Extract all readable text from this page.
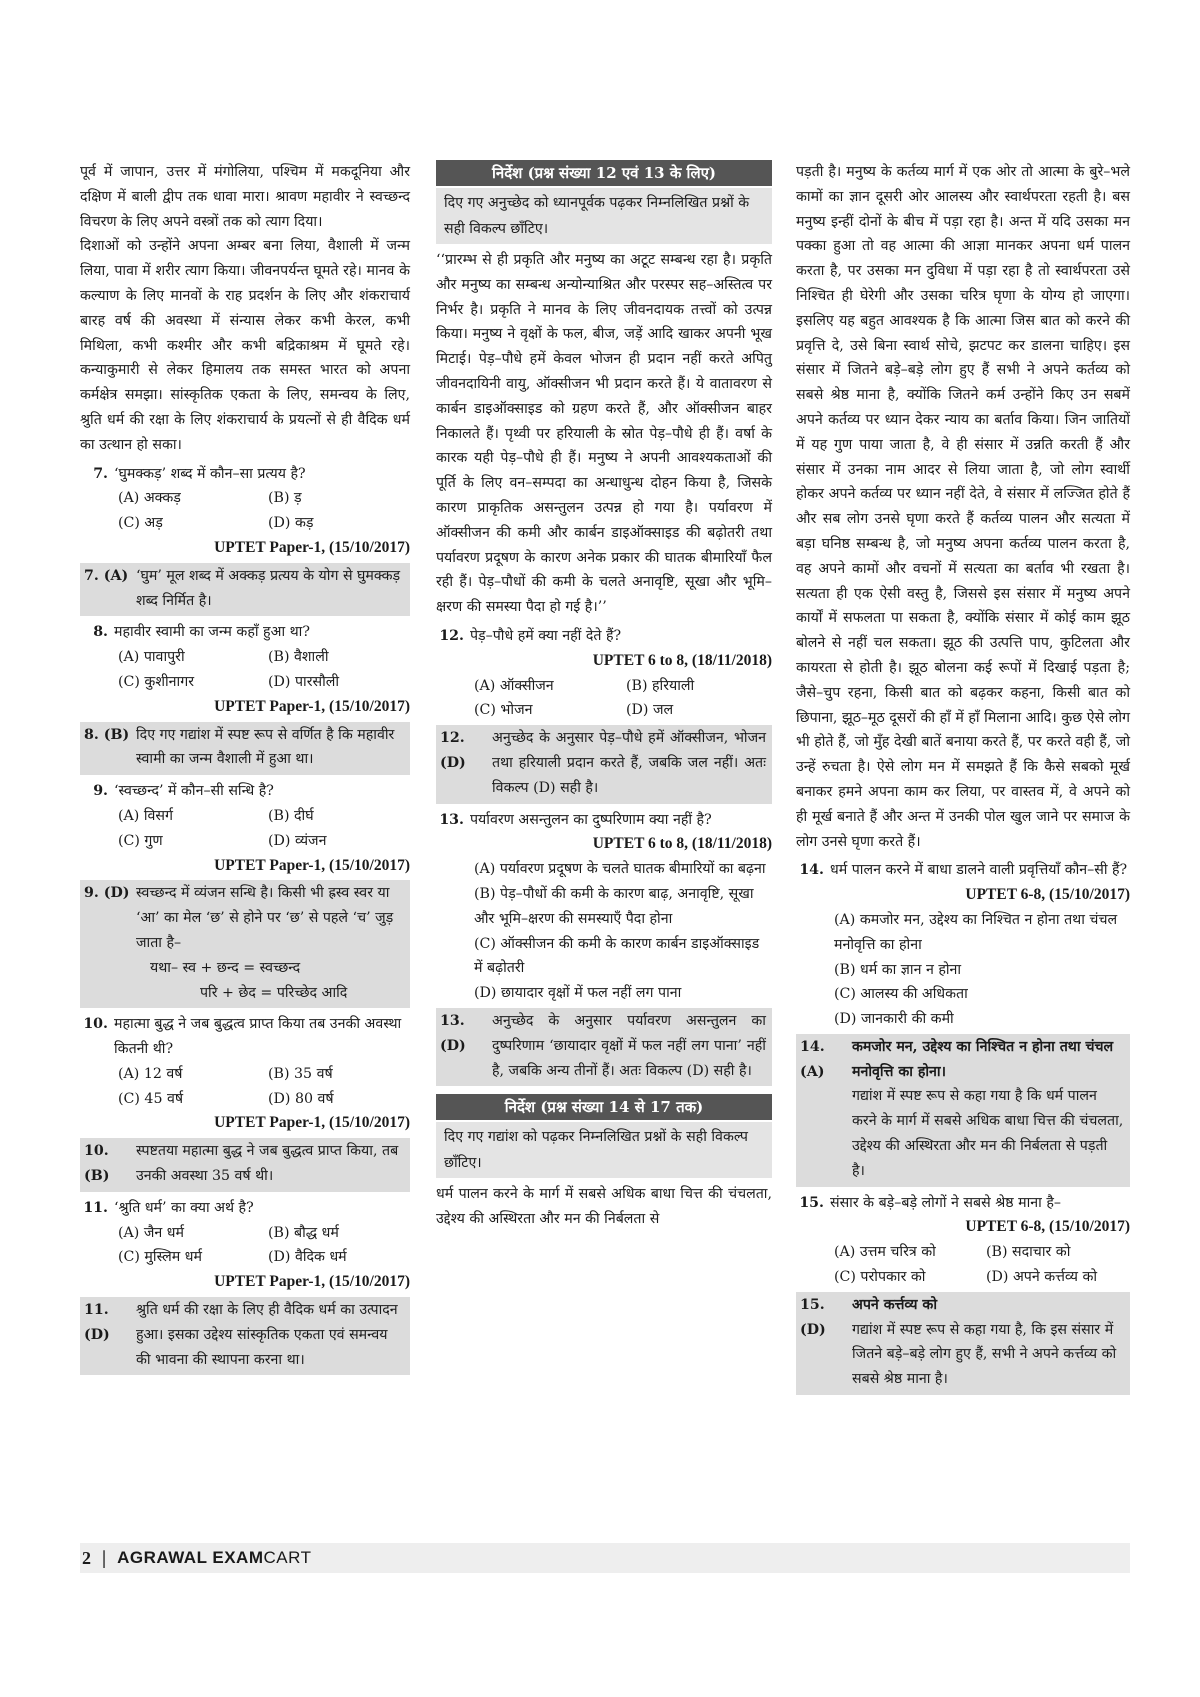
पूर्व में जापान, उत्तर में मंगोलिया, पश्चिम में मकदूनिया और दक्षिण में बाली द्वीप तक धावा मारा। श्रावण महावीर ने स्वच्छन्द विचरण के लिए अपने वस्त्रों तक को त्याग दिया।

दिशाओं को उन्होंने अपना अम्बर बना लिया, वैशाली में जन्म लिया, पावा में शरीर त्याग किया। जीवनपर्यन्त घूमते रहे। मानव के कल्याण के लिए मानवों के राह प्रदर्शन के लिए और शंकराचार्य बारह वर्ष की अवस्था में संन्यास लेकर कभी केरल, कभी मिथिला, कभी कश्मीर और कभी बद्रिकाश्रम में घूमते रहे। कन्याकुमारी से लेकर हिमालय तक समस्त भारत को अपना कर्मक्षेत्र समझा। सांस्कृतिक एकता के लिए, समन्वय के लिए, श्रुति धर्म की रक्षा के लिए शंकराचार्य के प्रयत्नों से ही वैदिक धर्म का उत्थान हो सका।

7. ‘घुमक्कड़’ शब्द में कौन–सा प्रत्यय है?
(A) अक्कड़	(B) ड़
(C) अड़	(D) कड़
UPTET Paper-1, (15/10/2017)
7. (A) ‘घुम’ मूल शब्द में अक्कड़ प्रत्यय के योग से घुमक्कड़ शब्द निर्मित है।
8. महावीर स्वामी का जन्म कहाँ हुआ था?
(A) पावापुरी	(B) वैशाली
(C) कुशीनागर	(D) पारसौली
UPTET Paper-1, (15/10/2017)
8. (B) दिए गए गद्यांश में स्पष्ट रूप से वर्णित है कि महावीर स्वामी का जन्म वैशाली में हुआ था।
9. ‘स्वच्छन्द’ में कौन–सी सन्धि है?
(A) विसर्ग	(B) दीर्घ
(C) गुण	(D) व्यंजन
UPTET Paper-1, (15/10/2017)
9. (D) स्वच्छन्द में व्यंजन सन्धि है। किसी भी ह्रस्व स्वर या ‘आ’ का मेल ‘छ’ से होने पर ‘छ’ से पहले ‘च’ जुड़ जाता है–
यथा– स्व + छन्द = स्वच्छन्द
परि + छेद = परिच्छेद आदि
10. महात्मा बुद्ध ने जब बुद्धत्व प्राप्त किया तब उनकी अवस्था कितनी थी?
(A) 12 वर्ष	(B) 35 वर्ष
(C) 45 वर्ष	(D) 80 वर्ष
UPTET Paper-1, (15/10/2017)
10. (B)
स्पष्टतया महात्मा बुद्ध ने जब बुद्धत्व प्राप्त किया, तब उनकी अवस्था 35 वर्ष थी।
11. ‘श्रुति धर्म’ का क्या अर्थ है?
(A) जैन धर्म	(B) बौद्ध धर्म
(C) मुस्लिम धर्म	(D) वैदिक धर्म
UPTET Paper-1, (15/10/2017)
11. (D)
श्रुति धर्म की रक्षा के लिए ही वैदिक धर्म का उत्पादन हुआ। इसका उद्देश्य सांस्कृतिक एकता एवं समन्वय की भावना की स्थापना करना था।
निर्देश (प्रश्न संख्या 12 एवं 13 के लिए)
दिए गए अनुच्छेद को ध्यानपूर्वक पढ़कर निम्नलिखित प्रश्नों के सही विकल्प छाँटिए।

‘‘प्रारम्भ से ही प्रकृति और मनुष्य का अटूट सम्बन्ध रहा है। प्रकृति और मनुष्य का सम्बन्ध अन्योन्याश्रित और परस्पर सह–अस्तित्व पर निर्भर है। प्रकृति ने मानव के लिए जीवनदायक तत्त्वों को उत्पन्न किया। मनुष्य ने वृक्षों के फल, बीज, जड़ें आदि खाकर अपनी भूख मिटाई। पेड़–पौधे हमें केवल भोजन ही प्रदान नहीं करते अपितु जीवनदायिनी वायु, ऑक्सीजन भी प्रदान करते हैं। ये वातावरण से कार्बन डाइऑक्साइड को ग्रहण करते हैं, और ऑक्सीजन बाहर निकालते हैं। पृथ्वी पर हरियाली के स्रोत पेड़–पौधे ही हैं। वर्षा के कारक यही पेड़–पौधे ही हैं। मनुष्य ने अपनी आवश्यकताओं की पूर्ति के लिए वन–सम्पदा का अन्धाधुन्ध दोहन किया है, जिसके कारण प्राकृतिक असन्तुलन उत्पन्न हो गया है। पर्यावरण में ऑक्सीजन की कमी और कार्बन डाइऑक्साइड की बढ़ोतरी तथा पर्यावरण प्रदूषण के कारण अनेक प्रकार की घातक बीमारियाँ फैल रही हैं। पेड़–पौधों की कमी के चलते अनावृष्टि, सूखा और भूमि–क्षरण की समस्या पैदा हो गई है।’’

12. पेड़–पौधे हमें क्या नहीं देते हैं?
UPTET 6 to 8, (18/11/2018)
(A) ऑक्सीजन	(B) हरियाली
(C) भोजन	(D) जल
12. (D)
अनुच्छेद के अनुसार पेड़–पौधे हमें ऑक्सीजन, भोजन तथा हरियाली प्रदान करते हैं, जबकि जल नहीं। अतः विकल्प (D) सही है।
13. पर्यावरण असन्तुलन का दुष्परिणाम क्या नहीं है?
UPTET 6 to 8, (18/11/2018)

(A) पर्यावरण प्रदूषण के चलते घातक बीमारियों का बढ़ना

(B) पेड़–पौधों की कमी के कारण बाढ़, अनावृष्टि, सूखा और भूमि–क्षरण की समस्याएँ पैदा होना

(C) ऑक्सीजन की कमी के कारण कार्बन डाइऑक्साइड में बढ़ोतरी

(D) छायादार वृक्षों में फल नहीं लग पाना

13. (D)
अनुच्छेद के अनुसार पर्यावरण असन्तुलन का दुष्परिणाम ‘छायादार वृक्षों में फल नहीं लग पाना’ नहीं है, जबकि अन्य तीनों हैं। अतः विकल्प (D) सही है।
निर्देश (प्रश्न संख्या 14 से 17 तक)
दिए गए गद्यांश को पढ़कर निम्नलिखित प्रश्नों के सही विकल्प छाँटिए।

धर्म पालन करने के मार्ग में सबसे अधिक बाधा चित्त की चंचलता, उद्देश्य की अस्थिरता और मन की निर्बलता से

पड़ती है। मनुष्य के कर्तव्य मार्ग में एक ओर तो आत्मा के बुरे–भले कामों का ज्ञान दूसरी ओर आलस्य और स्वार्थपरता रहती है। बस मनुष्य इन्हीं दोनों के बीच में पड़ा रहा है। अन्त में यदि उसका मन पक्का हुआ तो वह आत्मा की आज्ञा मानकर अपना धर्म पालन करता है, पर उसका मन दुविधा में पड़ा रहा है तो स्वार्थपरता उसे निश्चित ही घेरेगी और उसका चरित्र घृणा के योग्य हो जाएगा। इसलिए यह बहुत आवश्यक है कि आत्मा जिस बात को करने की प्रवृत्ति दे, उसे बिना स्वार्थ सोचे, झटपट कर डालना चाहिए। इस संसार में जितने बड़े–बड़े लोग हुए हैं सभी ने अपने कर्तव्य को सबसे श्रेष्ठ माना है, क्योंकि जितने कर्म उन्होंने किए उन सबमें अपने कर्तव्य पर ध्यान देकर न्याय का बर्ताव किया। जिन जातियों में यह गुण पाया जाता है, वे ही संसार में उन्नति करती हैं और संसार में उनका नाम आदर से लिया जाता है, जो लोग स्वार्थी होकर अपने कर्तव्य पर ध्यान नहीं देते, वे संसार में लज्जित होते हैं और सब लोग उनसे घृणा करते हैं कर्तव्य पालन और सत्यता में बड़ा घनिष्ठ सम्बन्ध है, जो मनुष्य अपना कर्तव्य पालन करता है, वह अपने कामों और वचनों में सत्यता का बर्ताव भी रखता है। सत्यता ही एक ऐसी वस्तु है, जिससे इस संसार में मनुष्य अपने कार्यों में सफलता पा सकता है, क्योंकि संसार में कोई काम झूठ बोलने से नहीं चल सकता। झूठ की उत्पत्ति पाप, कुटिलता और कायरता से होती है। झूठ बोलना कई रूपों में दिखाई पड़ता है; जैसे–चुप रहना, किसी बात को बढ़कर कहना, किसी बात को छिपाना, झूठ–मूठ दूसरों की हाँ में हाँ मिलाना आदि। कुछ ऐसे लोग भी होते हैं, जो मुँह देखी बातें बनाया करते हैं, पर करते वही हैं, जो उन्हें रुचता है। ऐसे लोग मन में समझते हैं कि कैसे सबको मूर्ख बनाकर हमने अपना काम कर लिया, पर वास्तव में, वे अपने को ही मूर्ख बनाते हैं और अन्त में उनकी पोल खुल जाने पर समाज के लोग उनसे घृणा करते हैं।

14. धर्म पालन करने में बाधा डालने वाली प्रवृत्तियाँ कौन–सी हैं?
UPTET 6-8, (15/10/2017)

(A) कमजोर मन, उद्देश्य का निश्चित न होना तथा चंचल मनोवृत्ति का होना

(B) धर्म का ज्ञान न होना

(C) आलस्य की अधिकता

(D) जानकारी की कमी

14. (A)
कमजोर मन, उद्देश्य का निश्चित न होना तथा चंचल मनोवृत्ति का होना।
गद्यांश में स्पष्ट रूप से कहा गया है कि धर्म पालन करने के मार्ग में सबसे अधिक बाधा चित्त की चंचलता, उद्देश्य की अस्थिरता और मन की निर्बलता से पड़ती है।
15. संसार के बड़े–बड़े लोगों ने सबसे श्रेष्ठ माना है–
UPTET 6-8, (15/10/2017)
(A) उत्तम चरित्र को	(B) सदाचार को
(C) परोपकार को	(D) अपने कर्त्तव्य को
15. (D)
अपने कर्त्तव्य को
गद्यांश में स्पष्ट रूप से कहा गया है, कि इस संसार में जितने बड़े–बड़े लोग हुए हैं, सभी ने अपने कर्त्तव्य को सबसे श्रेष्ठ माना है।
2 | AGRAWAL EXAMCART
